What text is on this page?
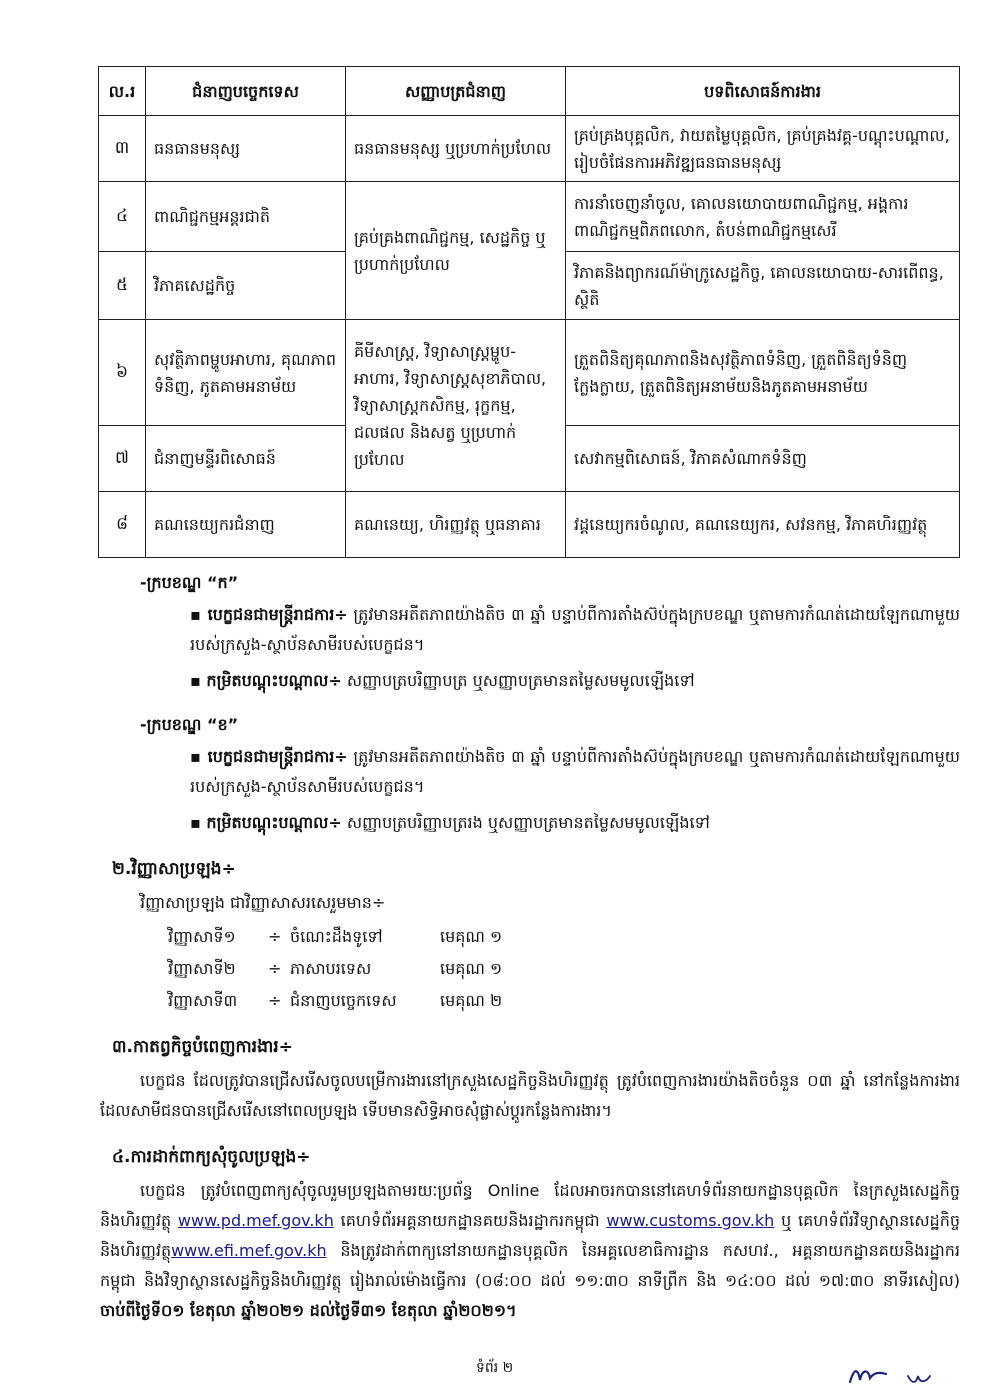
ល.រ	ជំនាញបច្ចេកទេស	សញ្ញាបត្រជំនាញ	បទពិសោធន៍ការងារ
៣	ធនធានមនុស្ស	ធនធានមនុស្ស ឬប្រហាក់ប្រហែល	គ្រប់គ្រងបុគ្គលិក, វាយតម្លៃបុគ្គលិក, គ្រប់គ្រងវគ្គ-បណ្តុះបណ្តាល, រៀបចំផែនការអភិវឌ្ឍធនធានមនុស្ស
៤	ពាណិជ្ជកម្មអន្តរជាតិ	គ្រប់គ្រងពាណិជ្ជកម្ម, សេដ្ឋកិច្ច ឬប្រហាក់ប្រហែល	ការនាំចេញនាំចូល, គោលនយោបាយពាណិជ្ជកម្ម, អង្គការពាណិជ្ជកម្មពិភពលោក, តំបន់ពាណិជ្ជកម្មសេរី
៥	វិភាគសេដ្ឋកិច្ច		វិភាគនិងព្យាករណ៍ម៉ាក្រូសេដ្ឋកិច្ច, គោលនយោបាយ-សារពើពន្ធ, ស្ថិតិ
៦	សុវត្ថិភាពម្ហូបអាហារ, គុណភាពទំនិញ, ភូតគាមអនាម័យ	គីមីសាស្ត្រ, វិទ្យាសាស្ត្រម្ហូប-អាហារ, វិទ្យាសាស្ត្រសុខាភិបាល, វិទ្យាសាស្ត្រកសិកម្ម, រុក្ខកម្ម, ជលផល និងសត្វ ឬប្រហាក់ប្រហែល	ត្រួតពិនិត្យគុណភាពនិងសុវត្ថិភាពទំនិញ, ត្រួតពិនិត្យទំនិញក្លែងក្លាយ, ត្រួតពិនិត្យអនាម័យនិងភូតគាមអនាម័យ
៧	ជំនាញមន្ទីរពិសោធន៍		សេវាកម្មពិសោធន៍, វិភាគសំណាកទំនិញ
៨	គណនេយ្យករជំនាញ	គណនេយ្យ, ហិរញ្ញវត្ថុ ឬធនាគារ	វដ្តនេយ្យករចំណូល, គណនេយ្យករ, សវនកម្ម, វិភាគហិរញ្ញវត្ថុ
-ក្របខណ្ឌ “ក”
▪ បេក្ខជនជាមន្ត្រីរាជការ÷ ត្រូវមានអតីតភាពយ៉ាងតិច ៣ ឆ្នាំ បន្ទាប់ពីការតាំងស៊ប់ក្នុងក្របខណ្ឌ ឬតាមការកំណត់ដោយឡែកណាមួយរបស់ក្រសួង-ស្ថាប័នសាមីរបស់បេក្ខជន។
▪ កម្រិតបណ្តុះបណ្តាល÷ សញ្ញាបត្របរិញ្ញាបត្រ ឬសញ្ញាបត្រមានតម្លៃសមមូលឡើងទៅ
-ក្របខណ្ឌ “ខ”
▪ បេក្ខជនជាមន្ត្រីរាជការ÷ ត្រូវមានអតីតភាពយ៉ាងតិច ៣ ឆ្នាំ បន្ទាប់ពីការតាំងស៊ប់ក្នុងក្របខណ្ឌ ឬតាមការកំណត់ដោយឡែកណាមួយរបស់ក្រសួង-ស្ថាប័នសាមីរបស់បេក្ខជន។
▪ កម្រិតបណ្តុះបណ្តាល÷ សញ្ញាបត្របរិញ្ញាបត្ររង ឬសញ្ញាបត្រមានតម្លៃសមមូលឡើងទៅ
២.វិញ្ញាសាប្រឡង÷
វិញ្ញាសាប្រឡង ជាវិញ្ញាសាសរសេរួមមាន÷
វិញ្ញាសាទី១ ÷ ចំណេះដឹងទូទៅ	មេគុណ ១
វិញ្ញាសាទី២ ÷ ភាសាបរទេស	មេគុណ ១
វិញ្ញាសាទី៣ ÷ ជំនាញបច្ចេកទេស	មេគុណ ២
៣.កាតព្វកិច្ចបំពេញការងារ÷
បេក្ខជន ដែលត្រូវបានជ្រើសរើសចូលបម្រើការងារនៅក្រសួងសេដ្ឋកិច្ចនិងហិរញ្ញវត្ថុ ត្រូវបំពេញការងារយ៉ាងតិចចំនួន ០៣ ឆ្នាំ នៅកន្លែងការងារដែលសាមីជនបានជ្រើសរើសនៅពេលប្រឡង ទើបមានសិទ្ធិអាចសុំផ្លាស់ប្តូរកន្លែងការងារ។
៤.ការដាក់ពាក្យសុំចូលប្រឡង÷
បេក្ខជន ត្រូវបំពេញពាក្យសុំចូលរួមប្រឡងតាមរយៈប្រព័ន្ធ Online ដែលអាចរកបាននៅគេហទំព័រនាយកដ្ឋានបុគ្គលិក នៃក្រសួងសេដ្ឋកិច្ចនិងហិរញ្ញវត្ថុ www.pd.mef.gov.kh គេហទំព័រអគ្គនាយកដ្ឋានគយនិងរដ្ឋាករកម្ពុជា www.customs.gov.kh ឬ គេហទំព័រវិទ្យាស្ថានសេដ្ឋកិច្ចនិងហិរញ្ញវត្ថុwww.efi.mef.gov.kh និងត្រូវដាក់ពាក្យនៅនាយកដ្ឋានបុគ្គលិក នៃអគ្គលេខាធិការដ្ឋាន កសហវ., អគ្គនាយកដ្ឋានគយនិងរដ្ឋាករកម្ពុជា និងវិទ្យាស្ថានសេដ្ឋកិច្ចនិងហិរញ្ញវត្ថុ រៀងរាល់ម៉ោងធ្វើការ (០៨:០០ ដល់ ១១:៣០ នាទីព្រឹក និង ១៤:០០ ដល់ ១៧:៣០ នាទីរសៀល) ចាប់ពីថ្ងៃទី០១ ខែតុលា ឆ្នាំ២០២១ ដល់ថ្ងៃទី៣១ ខែតុលា ឆ្នាំ២០២១។
ទំព័រ ២
